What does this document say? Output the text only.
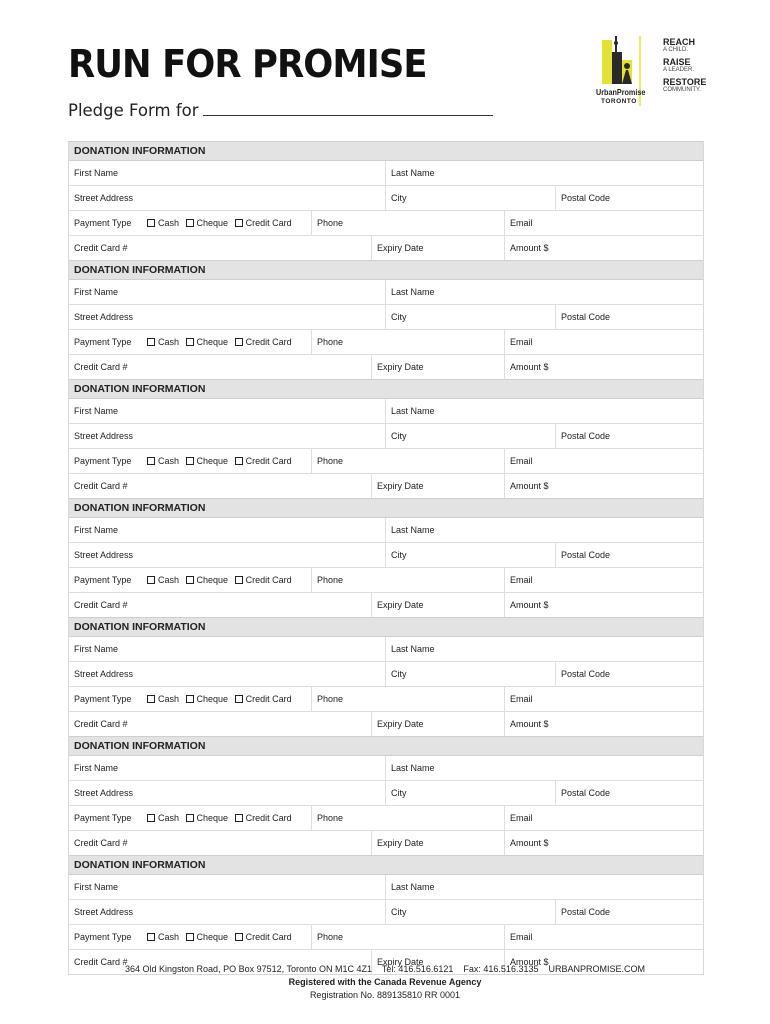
RUN FOR PROMISE
Pledge Form for
UrbanPromise
TORONTO
REACH
A CHILD.
RAISE
A LEADER.
RESTORE
COMMUNITY.
DONATION INFORMATION
First Name	Last Name
Street Address	City	Postal Code
Payment Type	Cash Cheque Credit Card	Phone	Email
Credit Card #	Expiry Date	Amount $
DONATION INFORMATION
First Name	Last Name
Street Address	City	Postal Code
Payment Type	Cash Cheque Credit Card	Phone	Email
Credit Card #	Expiry Date	Amount $
DONATION INFORMATION
First Name	Last Name
Street Address	City	Postal Code
Payment Type	Cash Cheque Credit Card	Phone	Email
Credit Card #	Expiry Date	Amount $
DONATION INFORMATION
First Name	Last Name
Street Address	City	Postal Code
Payment Type	Cash Cheque Credit Card	Phone	Email
Credit Card #	Expiry Date	Amount $
DONATION INFORMATION
First Name	Last Name
Street Address	City	Postal Code
Payment Type	Cash Cheque Credit Card	Phone	Email
Credit Card #	Expiry Date	Amount $
DONATION INFORMATION
First Name	Last Name
Street Address	City	Postal Code
Payment Type	Cash Cheque Credit Card	Phone	Email
Credit Card #	Expiry Date	Amount $
DONATION INFORMATION
First Name	Last Name
Street Address	City	Postal Code
Payment Type	Cash Cheque Credit Card	Phone	Email
Credit Card #	Expiry Date	Amount $
364 Old Kingston Road, PO Box 97512, Toronto ON M1C 4Z1 Tel: 416.516.6121 Fax: 416.516.3135 URBANPROMISE.COM
Registered with the Canada Revenue Agency
Registration No. 889135810 RR 0001
